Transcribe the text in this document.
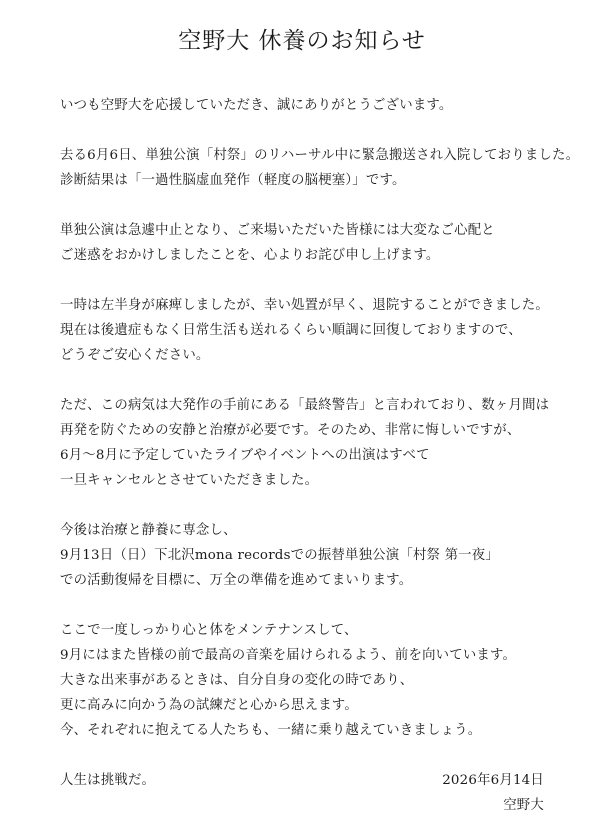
空野大 休養のお知らせ
いつも空野大を応援していただき、誠にありがとうございます。
去る6月6日、単独公演「村祭」のリハーサル中に緊急搬送され入院しておりました。
診断結果は「一過性脳虚血発作（軽度の脳梗塞）」です。
単独公演は急遽中止となり、ご来場いただいた皆様には大変なご心配と
ご迷惑をおかけしましたことを、心よりお詫び申し上げます。
一時は左半身が麻痺しましたが、幸い処置が早く、退院することができました。
現在は後遺症もなく日常生活も送れるくらい順調に回復しておりますので、
どうぞご安心ください。
ただ、この病気は大発作の手前にある「最終警告」と言われており、数ヶ月間は
再発を防ぐための安静と治療が必要です。そのため、非常に悔しいですが、
6月〜8月に予定していたライブやイベントへの出演はすべて
一旦キャンセルとさせていただきました。
今後は治療と静養に専念し、
9月13日（日）下北沢mona recordsでの振替単独公演「村祭 第一夜」
での活動復帰を目標に、万全の準備を進めてまいります。
ここで一度しっかり心と体をメンテナンスして、
9月にはまた皆様の前で最高の音楽を届けられるよう、前を向いています。
大きな出来事があるときは、自分自身の変化の時であり、
更に高みに向かう為の試練だと心から思えます。
今、それぞれに抱えてる人たちも、一緒に乗り越えていきましょう。
人生は挑戦だ。	2026年6月14日
空野大
